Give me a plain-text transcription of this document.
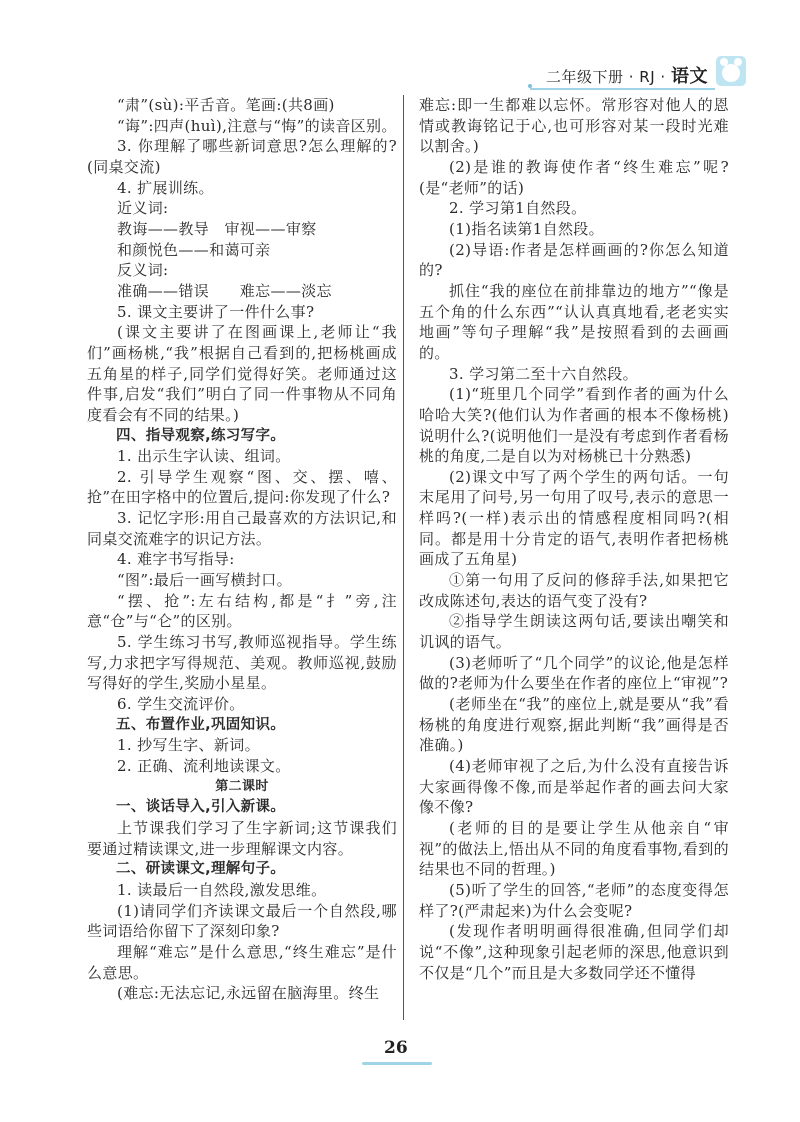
二年级下册 · RJ · 语文

“肃”(sù):平舌音。笔画:(共8画)

“诲”:四声(huì),注意与“悔”的读音区别。

3. 你理解了哪些新词意思?怎么理解的?(同桌交流)

4. 扩展训练。

近义词:

教诲——教导　审视——审察

和颜悦色——和蔼可亲

反义词:

准确——错误　　难忘——淡忘

5. 课文主要讲了一件什么事?

(课文主要讲了在图画课上,老师让“我们”画杨桃,“我”根据自己看到的,把杨桃画成五角星的样子,同学们觉得好笑。老师通过这件事,启发“我们”明白了同一件事物从不同角度看会有不同的结果。)

四、指导观察,练习写字。

1. 出示生字认读、组词。

2. 引导学生观察“图、交、摆、嘻、抢”在田字格中的位置后,提问:你发现了什么?

3. 记忆字形:用自己最喜欢的方法识记,和同桌交流难字的识记方法。

4. 难字书写指导:

“图”:最后一画写横封口。

“摆、抢”:左右结构,都是“扌”旁,注意“仓”与“仑”的区别。

5. 学生练习书写,教师巡视指导。学生练写,力求把字写得规范、美观。教师巡视,鼓励写得好的学生,奖励小星星。

6. 学生交流评价。

五、布置作业,巩固知识。

1. 抄写生字、新词。

2. 正确、流利地读课文。

第二课时

一、谈话导入,引入新课。

上节课我们学习了生字新词;这节课我们要通过精读课文,进一步理解课文内容。

二、研读课文,理解句子。

1. 读最后一自然段,激发思维。

(1)请同学们齐读课文最后一个自然段,哪些词语给你留下了深刻印象?

理解“难忘”是什么意思,“终生难忘”是什么意思。

(难忘:无法忘记,永远留在脑海里。终生

难忘:即一生都难以忘怀。常形容对他人的恩情或教诲铭记于心,也可形容对某一段时光难以割舍。)

(2)是谁的教诲使作者“终生难忘”呢?(是“老师”的话)

2. 学习第1自然段。

(1)指名读第1自然段。

(2)导语:作者是怎样画画的?你怎么知道的?

抓住“我的座位在前排靠边的地方”“像是五个角的什么东西”“认认真真地看,老老实实地画”等句子理解“我”是按照看到的去画画的。

3. 学习第二至十六自然段。

(1)“班里几个同学”看到作者的画为什么哈哈大笑?(他们认为作者画的根本不像杨桃)说明什么?(说明他们一是没有考虑到作者看杨桃的角度,二是自以为对杨桃已十分熟悉)

(2)课文中写了两个学生的两句话。一句末尾用了问号,另一句用了叹号,表示的意思一样吗?(一样)表示出的情感程度相同吗?(相同。都是用十分肯定的语气,表明作者把杨桃画成了五角星)

①第一句用了反问的修辞手法,如果把它改成陈述句,表达的语气变了没有?

②指导学生朗读这两句话,要读出嘲笑和讥讽的语气。

(3)老师听了“几个同学”的议论,他是怎样做的?老师为什么要坐在作者的座位上“审视”?

(老师坐在“我”的座位上,就是要从“我”看杨桃的角度进行观察,据此判断“我”画得是否准确。)

(4)老师审视了之后,为什么没有直接告诉大家画得像不像,而是举起作者的画去问大家像不像?

(老师的目的是要让学生从他亲自“审视”的做法上,悟出从不同的角度看事物,看到的结果也不同的哲理。)

(5)听了学生的回答,“老师”的态度变得怎样了?(严肃起来)为什么会变呢?

(发现作者明明画得很准确,但同学们却说“不像”,这种现象引起老师的深思,他意识到不仅是“几个”而且是大多数同学还不懂得

26
